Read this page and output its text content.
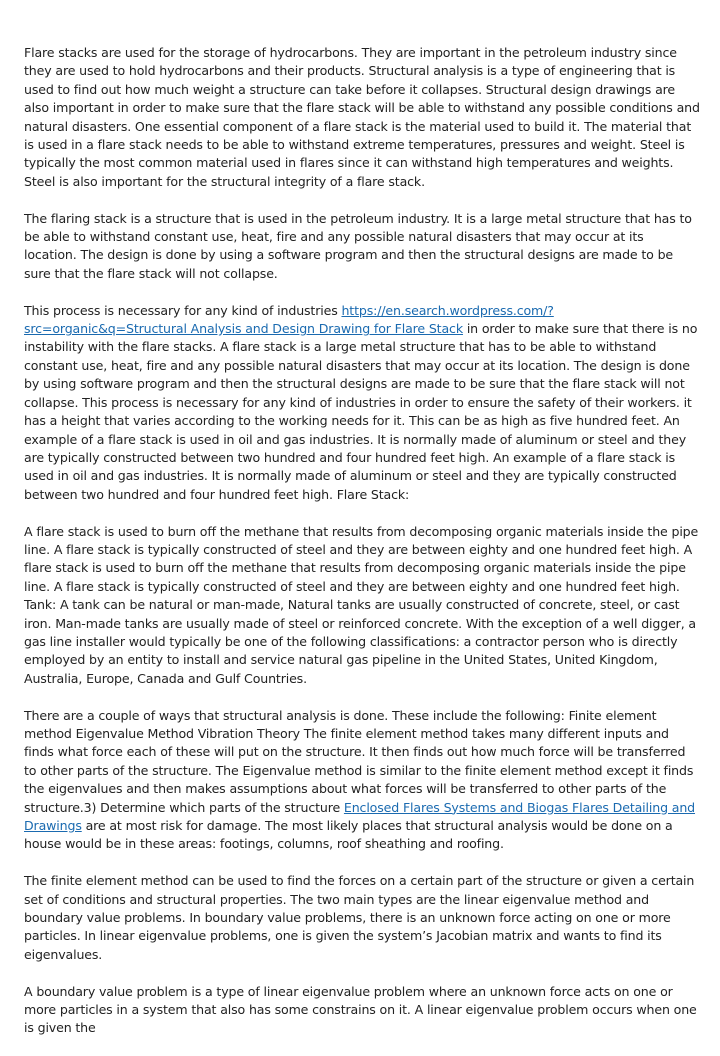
Flare stacks are used for the storage of hydrocarbons. They are important in the petroleum industry since they are used to hold hydrocarbons and their products. Structural analysis is a type of engineering that is used to find out how much weight a structure can take before it collapses. Structural design drawings are also important in order to make sure that the flare stack will be able to withstand any possible conditions and natural disasters. One essential component of a flare stack is the material used to build it. The material that is used in a flare stack needs to be able to withstand extreme temperatures, pressures and weight. Steel is typically the most common material used in flares since it can withstand high temperatures and weights. Steel is also important for the structural integrity of a flare stack.

The flaring stack is a structure that is used in the petroleum industry. It is a large metal structure that has to be able to withstand constant use, heat, fire and any possible natural disasters that may occur at its location. The design is done by using a software program and then the structural designs are made to be sure that the flare stack will not collapse.

This process is necessary for any kind of industries https://en.search.wordpress.com/?src=organic&q=Structural Analysis and Design Drawing for Flare Stack in order to make sure that there is no instability with the flare stacks. A flare stack is a large metal structure that has to be able to withstand constant use, heat, fire and any possible natural disasters that may occur at its location. The design is done by using software program and then the structural designs are made to be sure that the flare stack will not collapse. This process is necessary for any kind of industries in order to ensure the safety of their workers. it has a height that varies according to the working needs for it. This can be as high as five hundred feet. An example of a flare stack is used in oil and gas industries. It is normally made of aluminum or steel and they are typically constructed between two hundred and four hundred feet high. An example of a flare stack is used in oil and gas industries. It is normally made of aluminum or steel and they are typically constructed between two hundred and four hundred feet high. Flare Stack:

A flare stack is used to burn off the methane that results from decomposing organic materials inside the pipe line. A flare stack is typically constructed of steel and they are between eighty and one hundred feet high. A flare stack is used to burn off the methane that results from decomposing organic materials inside the pipe line. A flare stack is typically constructed of steel and they are between eighty and one hundred feet high. Tank: A tank can be natural or man-made, Natural tanks are usually constructed of concrete, steel, or cast iron. Man-made tanks are usually made of steel or reinforced concrete. With the exception of a well digger, a gas line installer would typically be one of the following classifications: a contractor person who is directly employed by an entity to install and service natural gas pipeline in the United States, United Kingdom, Australia, Europe, Canada and Gulf Countries.

There are a couple of ways that structural analysis is done. These include the following: Finite element method Eigenvalue Method Vibration Theory The finite element method takes many different inputs and finds what force each of these will put on the structure. It then finds out how much force will be transferred to other parts of the structure. The Eigenvalue method is similar to the finite element method except it finds the eigenvalues and then makes assumptions about what forces will be transferred to other parts of the structure.3) Determine which parts of the structure Enclosed Flares Systems and Biogas Flares Detailing and Drawings are at most risk for damage. The most likely places that structural analysis would be done on a house would be in these areas: footings, columns, roof sheathing and roofing.

The finite element method can be used to find the forces on a certain part of the structure or given a certain set of conditions and structural properties. The two main types are the linear eigenvalue method and boundary value problems. In boundary value problems, there is an unknown force acting on one or more particles. In linear eigenvalue problems, one is given the system’s Jacobian matrix and wants to find its eigenvalues.

A boundary value problem is a type of linear eigenvalue problem where an unknown force acts on one or more particles in a system that also has some constrains on it. A linear eigenvalue problem occurs when one is given the
